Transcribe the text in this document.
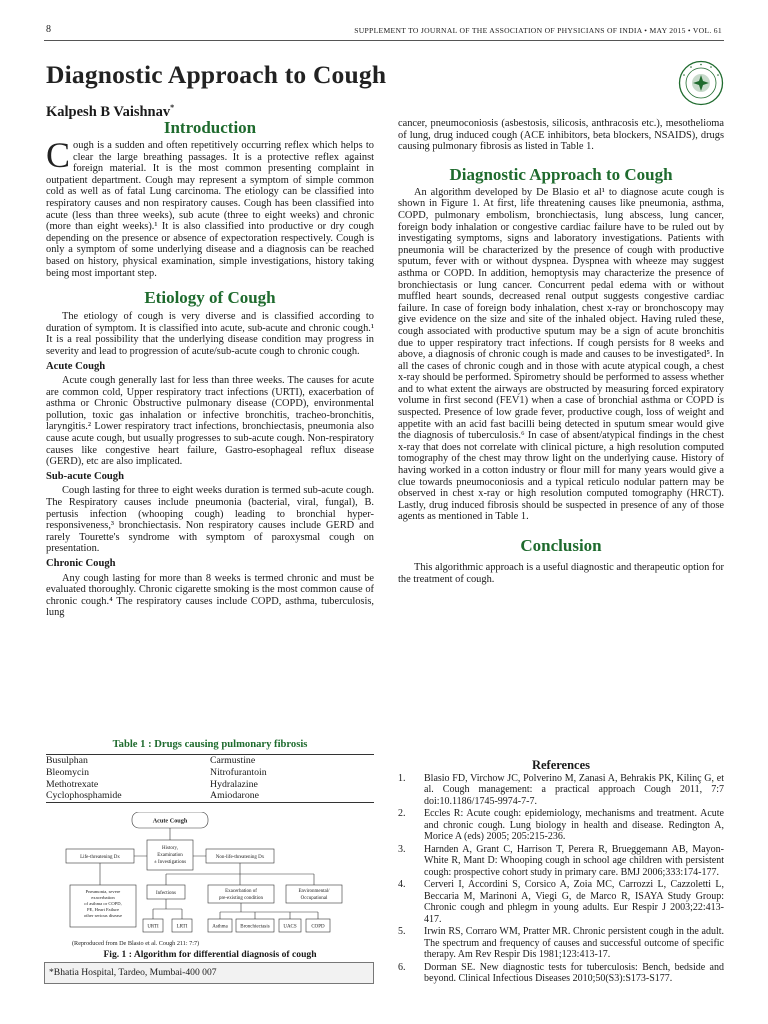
8	SUPPLEMENT TO JOURNAL OF THE ASSOCIATION OF PHYSICIANS OF INDIA • MAY 2015 • VOL. 61
Diagnostic Approach to Cough
Kalpesh B Vaishnav*
Introduction

Cough is a sudden and often repetitively occurring reflex which helps to clear the large breathing passages. It is a protective reflex against foreign material. It is the most common presenting complaint in outpatient department. Cough may represent a symptom of simple common cold as well as of fatal Lung carcinoma. The etiology can be classified into respiratory causes and non respiratory causes. Cough has been classified into acute (less than three weeks), sub acute (three to eight weeks) and chronic (more than eight weeks).¹ It is also classified into productive or dry cough depending on the presence or absence of expectoration respectively. Cough is only a symptom of some underlying disease and a diagnosis can be reached based on history, physical examination, simple investigations, history taking being most important step.

Etiology of Cough

The etiology of cough is very diverse and is classified according to duration of symptom. It is classified into acute, sub-acute and chronic cough.¹ It is a real possibility that the underlying disease condition may progress in severity and lead to progression of acute/sub-acute cough to chronic cough.

Acute Cough

Acute cough generally last for less than three weeks. The causes for acute are common cold, Upper respiratory tract infections (URTI), exacerbation of asthma or Chronic Obstructive pulmonary disease (COPD), environmental pollution, toxic gas inhalation or infective bronchitis, tracheo-bronchitis, laryngitis.² Lower respiratory tract infections, bronchiectasis, pneumonia also cause acute cough, but usually progresses to sub-acute cough. Non-respiratory causes like congestive heart failure, Gastro-esophageal reflux disease (GERD), etc are also implicated.

Sub-acute Cough

Cough lasting for three to eight weeks duration is termed sub-acute cough. The Respiratory causes include pneumonia (bacterial, viral, fungal), B. pertusis infection (whooping cough) leading to bronchial hyper-responsiveness,³ bronchiectasis. Non respiratory causes include GERD and rarely Tourette's syndrome with symptom of paroxysmal cough on presentation.

Chronic Cough

Any cough lasting for more than 8 weeks is termed chronic and must be evaluated thoroughly. Chronic cigarette smoking is the most common cause of chronic cough.⁴ The respiratory causes include COPD, asthma, tuberculosis, lung

Table 1 : Drugs causing pulmonary fibrosis
Busulphan	Carmustine
Bleomycin	Nitrofurantoin
Methotrexate	Hydralazine
Cyclophosphamide	Amiodarone
Acute Cough
Life-threatening Dx
History,
Examination
± Investigations
Non-life-threatening Dx
Pneumonia, severe
exacerbation
of asthma or COPD,
PE, Heart Failure
other serious disease
Infections	Exacerbation of
pre-existing condition
Environmental/
Occupational
URTI	LRTI	Asthma	Bronchiectasis	UACS	COPD
(Reproduced from De Blasio et al. Cough 211: 7:7)
Fig. 1 : Algorithm for differential diagnosis of cough
*Bhatia Hospital, Tardeo, Mumbai-400 007

cancer, pneumoconiosis (asbestosis, silicosis, anthracosis etc.), mesothelioma of lung, drug induced cough (ACE inhibitors, beta blockers, NSAIDS), drugs causing pulmonary fibrosis as listed in Table 1.

Diagnostic Approach to Cough

An algorithm developed by De Blasio et al¹ to diagnose acute cough is shown in Figure 1. At first, life threatening causes like pneumonia, asthma, COPD, pulmonary embolism, bronchiectasis, lung abscess, lung cancer, foreign body inhalation or congestive cardiac failure have to be ruled out by investigating symptoms, signs and laboratory investigations. Patients with pneumonia will be characterized by the presence of cough with productive sputum, fever with or without dyspnea. Dyspnea with wheeze may suggest asthma or COPD. In addition, hemoptysis may characterize the presence of bronchiectasis or lung cancer. Concurrent pedal edema with or without muffled heart sounds, decreased renal output suggests congestive cardiac failure. In case of foreign body inhalation, chest x-ray or bronchoscopy may give evidence on the size and site of the inhaled object. Having ruled these, cough associated with productive sputum may be a sign of acute bronchitis due to upper respiratory tract infections. If cough persists for 8 weeks and above, a diagnosis of chronic cough is made and causes to be investigated⁵. In all the cases of chronic cough and in those with acute atypical cough, a chest x-ray should be performed. Spirometry should be performed to assess whether and to what extent the airways are obstructed by measuring forced expiratory volume in first second (FEV1) when a case of bronchial asthma or COPD is suspected. Presence of low grade fever, productive cough, loss of weight and appetite with an acid fast bacilli being detected in sputum smear would give the diagnosis of tuberculosis.⁶ In case of absent/atypical findings in the chest x-ray that does not correlate with clinical picture, a high resolution computed tomography of the chest may throw light on the underlying cause. History of having worked in a cotton industry or flour mill for many years would give a clue towards pneumoconiosis and a typical reticulo nodular pattern may be observed in chest x-ray or high resolution computed tomography (HRCT). Lastly, drug induced fibrosis should be suspected in presence of any of those agents as mentioned in Table 1.

Conclusion

This algorithmic approach is a useful diagnostic and therapeutic option for the treatment of cough.

References
1. Blasio FD, Virchow JC, Polverino M, Zanasi A, Behrakis PK, Kilinç G, et al. Cough management: a practical approach Cough 2011, 7:7 doi:10.1186/1745-9974-7-7.
2. Eccles R: Acute cough: epidemiology, mechanisms and treatment. Acute and chronic cough. Lung biology in health and disease. Redington A, Morice A (eds) 2005; 205:215-236.
3. Harnden A, Grant C, Harrison T, Perera R, Brueggemann AB, Mayon-White R, Mant D: Whooping cough in school age children with persistent cough: prospective cohort study in primary care. BMJ 2006;333:174-177.
4. Cerveri I, Accordini S, Corsico A, Zoia MC, Carrozzi L, Cazzoletti L, Beccaria M, Marinoni A, Viegi G, de Marco R, ISAYA Study Group: Chronic cough and phlegm in young adults. Eur Respir J 2003;22:413-417.
5. Irwin RS, Corraro WM, Pratter MR. Chronic persistent cough in the adult. The spectrum and frequency of causes and successful outcome of specific therapy. Am Rev Respir Dis 1981;123:413-17.
6. Dorman SE. New diagnostic tests for tuberculosis: Bench, bedside and beyond. Clinical Infectious Diseases 2010;50(S3):S173-S177.
